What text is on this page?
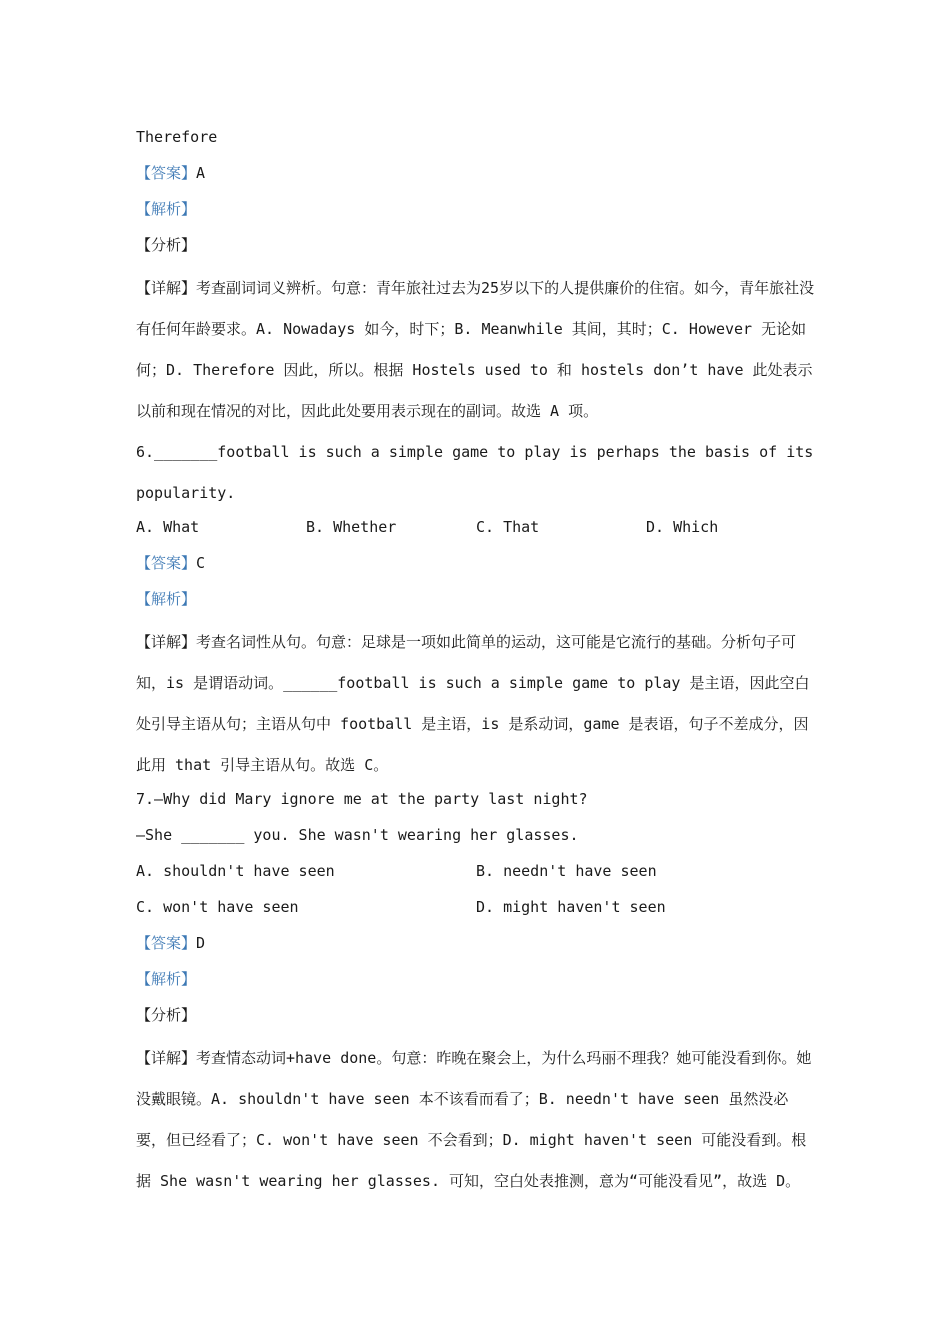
Therefore
【答案】A
【解析】
【分析】

【详解】考查副词词义辨析。句意：青年旅社过去为25岁以下的人提供廉价的住宿。如今，青年旅社没有任何年龄要求。A. Nowadays 如今，时下；B. Meanwhile 其间，其时；C. However 无论如何；D. Therefore 因此，所以。根据 Hostels used to 和 hostels don’t have 此处表示以前和现在情况的对比，因此此处要用表示现在的副词。故选 A 项。

6._______football is such a simple game to play is perhaps the basis of its popularity.

A. What	B. Whether	C. That	D. Which
【答案】C
【解析】

【详解】考查名词性从句。句意：足球是一项如此简单的运动，这可能是它流行的基础。分析句子可知，is 是谓语动词。______football is such a simple game to play 是主语，因此空白处引导主语从句；主语从句中 football 是主语，is 是系动词，game 是表语，句子不差成分，因此用 that 引导主语从句。故选 C。

7.—Why did Mary ignore me at the party last night?
—She _______ you. She wasn't wearing her glasses.
A. shouldn't have seen	B. needn't have seen
C. won't have seen	D. might haven't seen
【答案】D
【解析】
【分析】

【详解】考查情态动词+have done。句意：昨晚在聚会上，为什么玛丽不理我？她可能没看到你。她没戴眼镜。A. shouldn't have seen 本不该看而看了；B. needn't have seen 虽然没必要，但已经看了；C. won't have seen 不会看到；D. might haven't seen 可能没看到。根据 She wasn't wearing her glasses. 可知，空白处表推测，意为“可能没看见”，故选 D。
